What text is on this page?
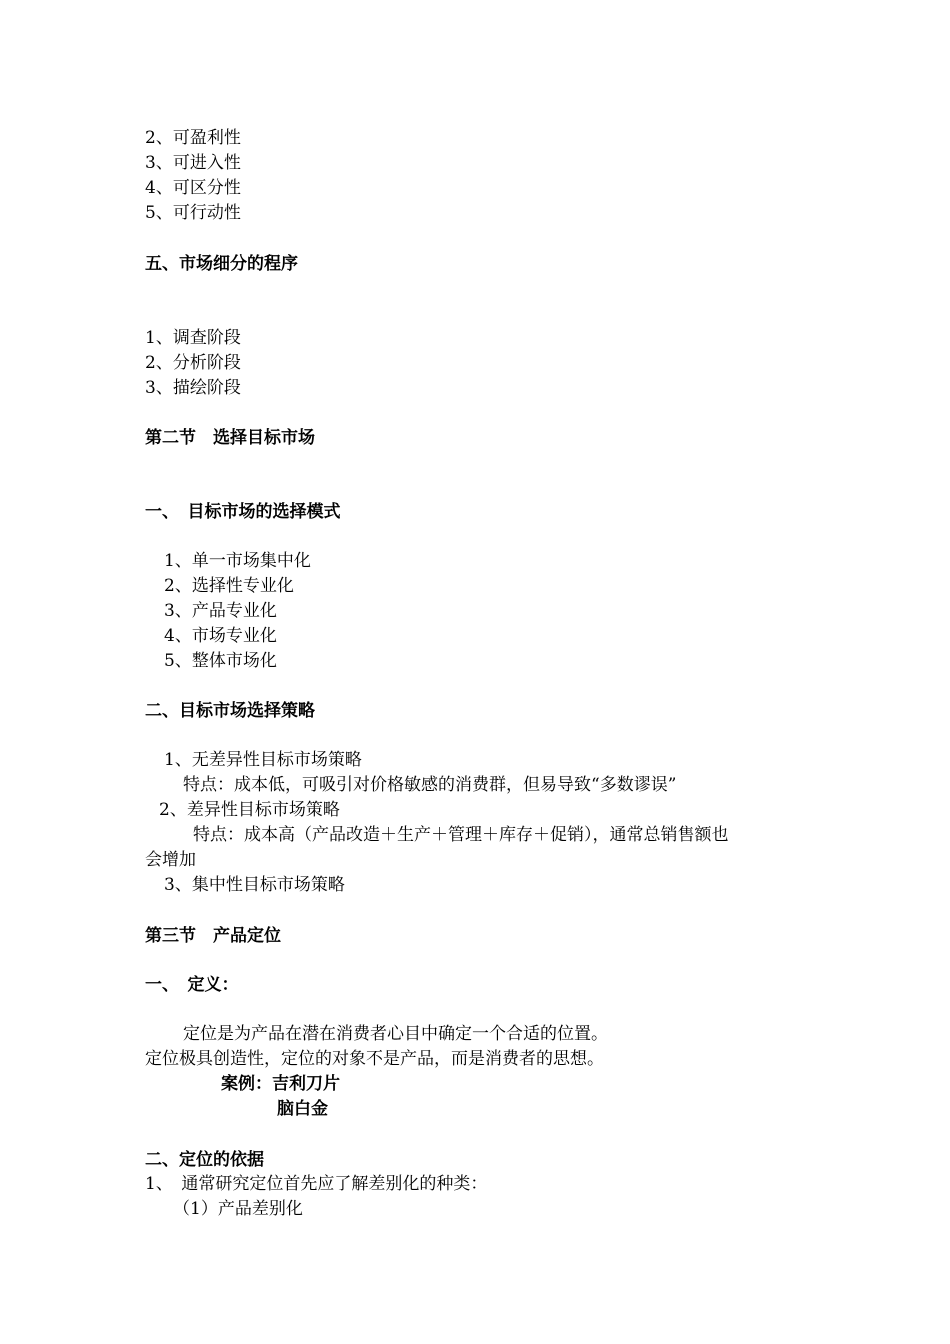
2、可盈利性
3、可进入性
4、可区分性
5、可行动性
五、市场细分的程序
1、调查阶段
2、分析阶段
3、描绘阶段
第二节　选择目标市场
一、　目标市场的选择模式
1、单一市场集中化
2、选择性专业化
3、产品专业化
4、市场专业化
5、整体市场化
二、目标市场选择策略
1、无差异性目标市场策略
特点：成本低，可吸引对价格敏感的消费群，但易导致“多数谬误”
2、差异性目标市场策略
特点：成本高（产品改造＋生产＋管理＋库存＋促销），通常总销售额也
会增加
3、集中性目标市场策略
第三节　产品定位
一、　定义：
定位是为产品在潜在消费者心目中确定一个合适的位置。
定位极具创造性，定位的对象不是产品，而是消费者的思想。
案例：吉利刀片
脑白金
二、定位的依据
1、　通常研究定位首先应了解差别化的种类：
（1）产品差别化
